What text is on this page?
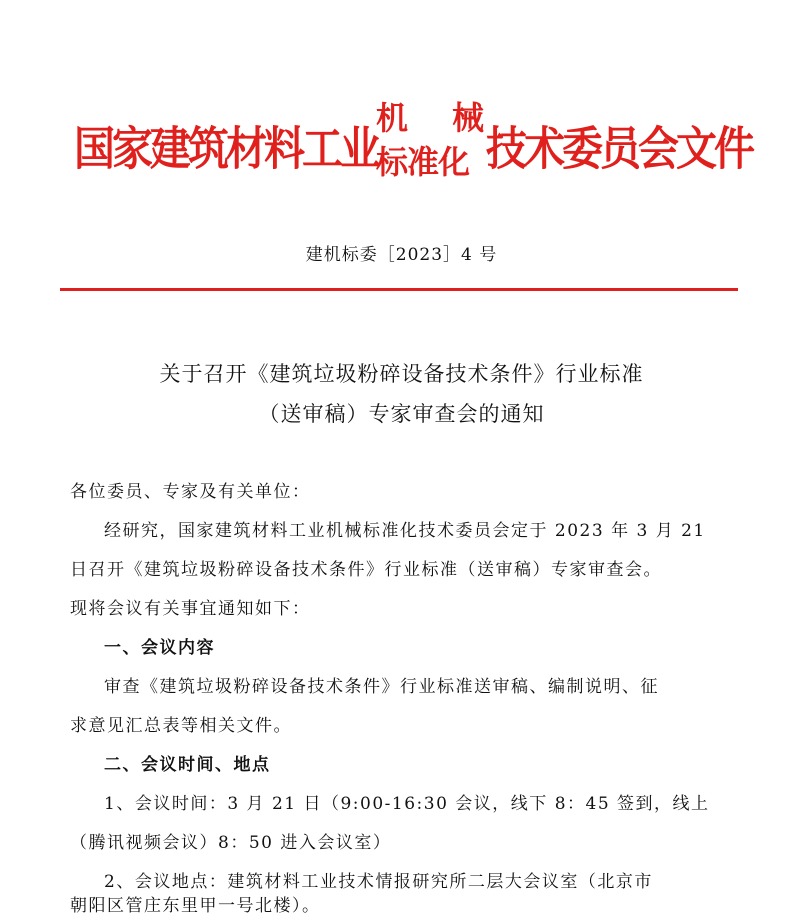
国家建筑材料工业
机 械
标准化 技术委员会文件
建机标委［2023］4 号
关于召开《建筑垃圾粉碎设备技术条件》行业标准
（送审稿）专家审查会的通知
各位委员、专家及有关单位：
经研究，国家建筑材料工业机械标准化技术委员会定于 2023 年 3 月 21
日召开《建筑垃圾粉碎设备技术条件》行业标准（送审稿）专家审查会。
现将会议有关事宜通知如下：
一、会议内容
审查《建筑垃圾粉碎设备技术条件》行业标准送审稿、编制说明、征
求意见汇总表等相关文件。
二、会议时间、地点
1、会议时间：3 月 21 日（9:00-16:30 会议，线下 8：45 签到，线上
（腾讯视频会议）8：50 进入会议室）
2、会议地点：建筑材料工业技术情报研究所二层大会议室（北京市
朝阳区管庄东里甲一号北楼）。
